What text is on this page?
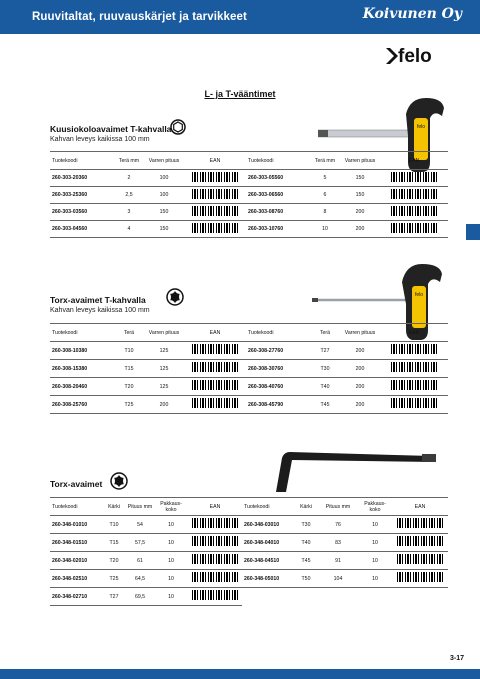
Ruuvitaltat, ruuvauskärjet ja tarvikkeet	Koivunen Oy
felo
L- ja T-vääntimet
felo
Kuusiokoloavaimet T-kahvalla
Kahvan leveys kaikissa 100 mm
Tuotekoodi	Terä mm	Varren pituus	EAN	Tuotekoodi	Terä mm	Varren pituus	EAN
260-303-20360	2	100		260-303-05560	5	150	
260-303-25360	2,5	100		260-303-06560	6	150	
260-303-03560	3	150		260-303-08760	8	200	
260-303-04560	4	150		260-303-10760	10	200	
felo
Torx-avaimet T-kahvalla
Kahvan leveys kaikissa 100 mm
Tuotekoodi	Terä	Varren pituus	EAN	Tuotekoodi	Terä	Varren pituus	EAN
260-308-10380	T10	125		260-308-27760	T27	200	
260-308-15380	T15	125		260-308-30760	T30	200	
260-308-20460	T20	125		260-308-40760	T40	200	
260-308-25760	T25	200		260-308-45790	T45	200	
Torx-avaimet
Tuotekoodi	Kärki	Pituus mm	Pakkaus-koko	EAN	Tuotekoodi	Kärki	Pituus mm	Pakkaus-koko	EAN
260-348-01010	T10	54	10		260-348-03010	T30	76	10	
260-348-01510	T15	57,5	10		260-348-04010	T40	83	10	
260-348-02010	T20	61	10		260-348-04510	T45	91	10	
260-348-02510	T25	64,5	10		260-348-05010	T50	104	10	
260-348-02710	T27	69,5	10						
3-17
